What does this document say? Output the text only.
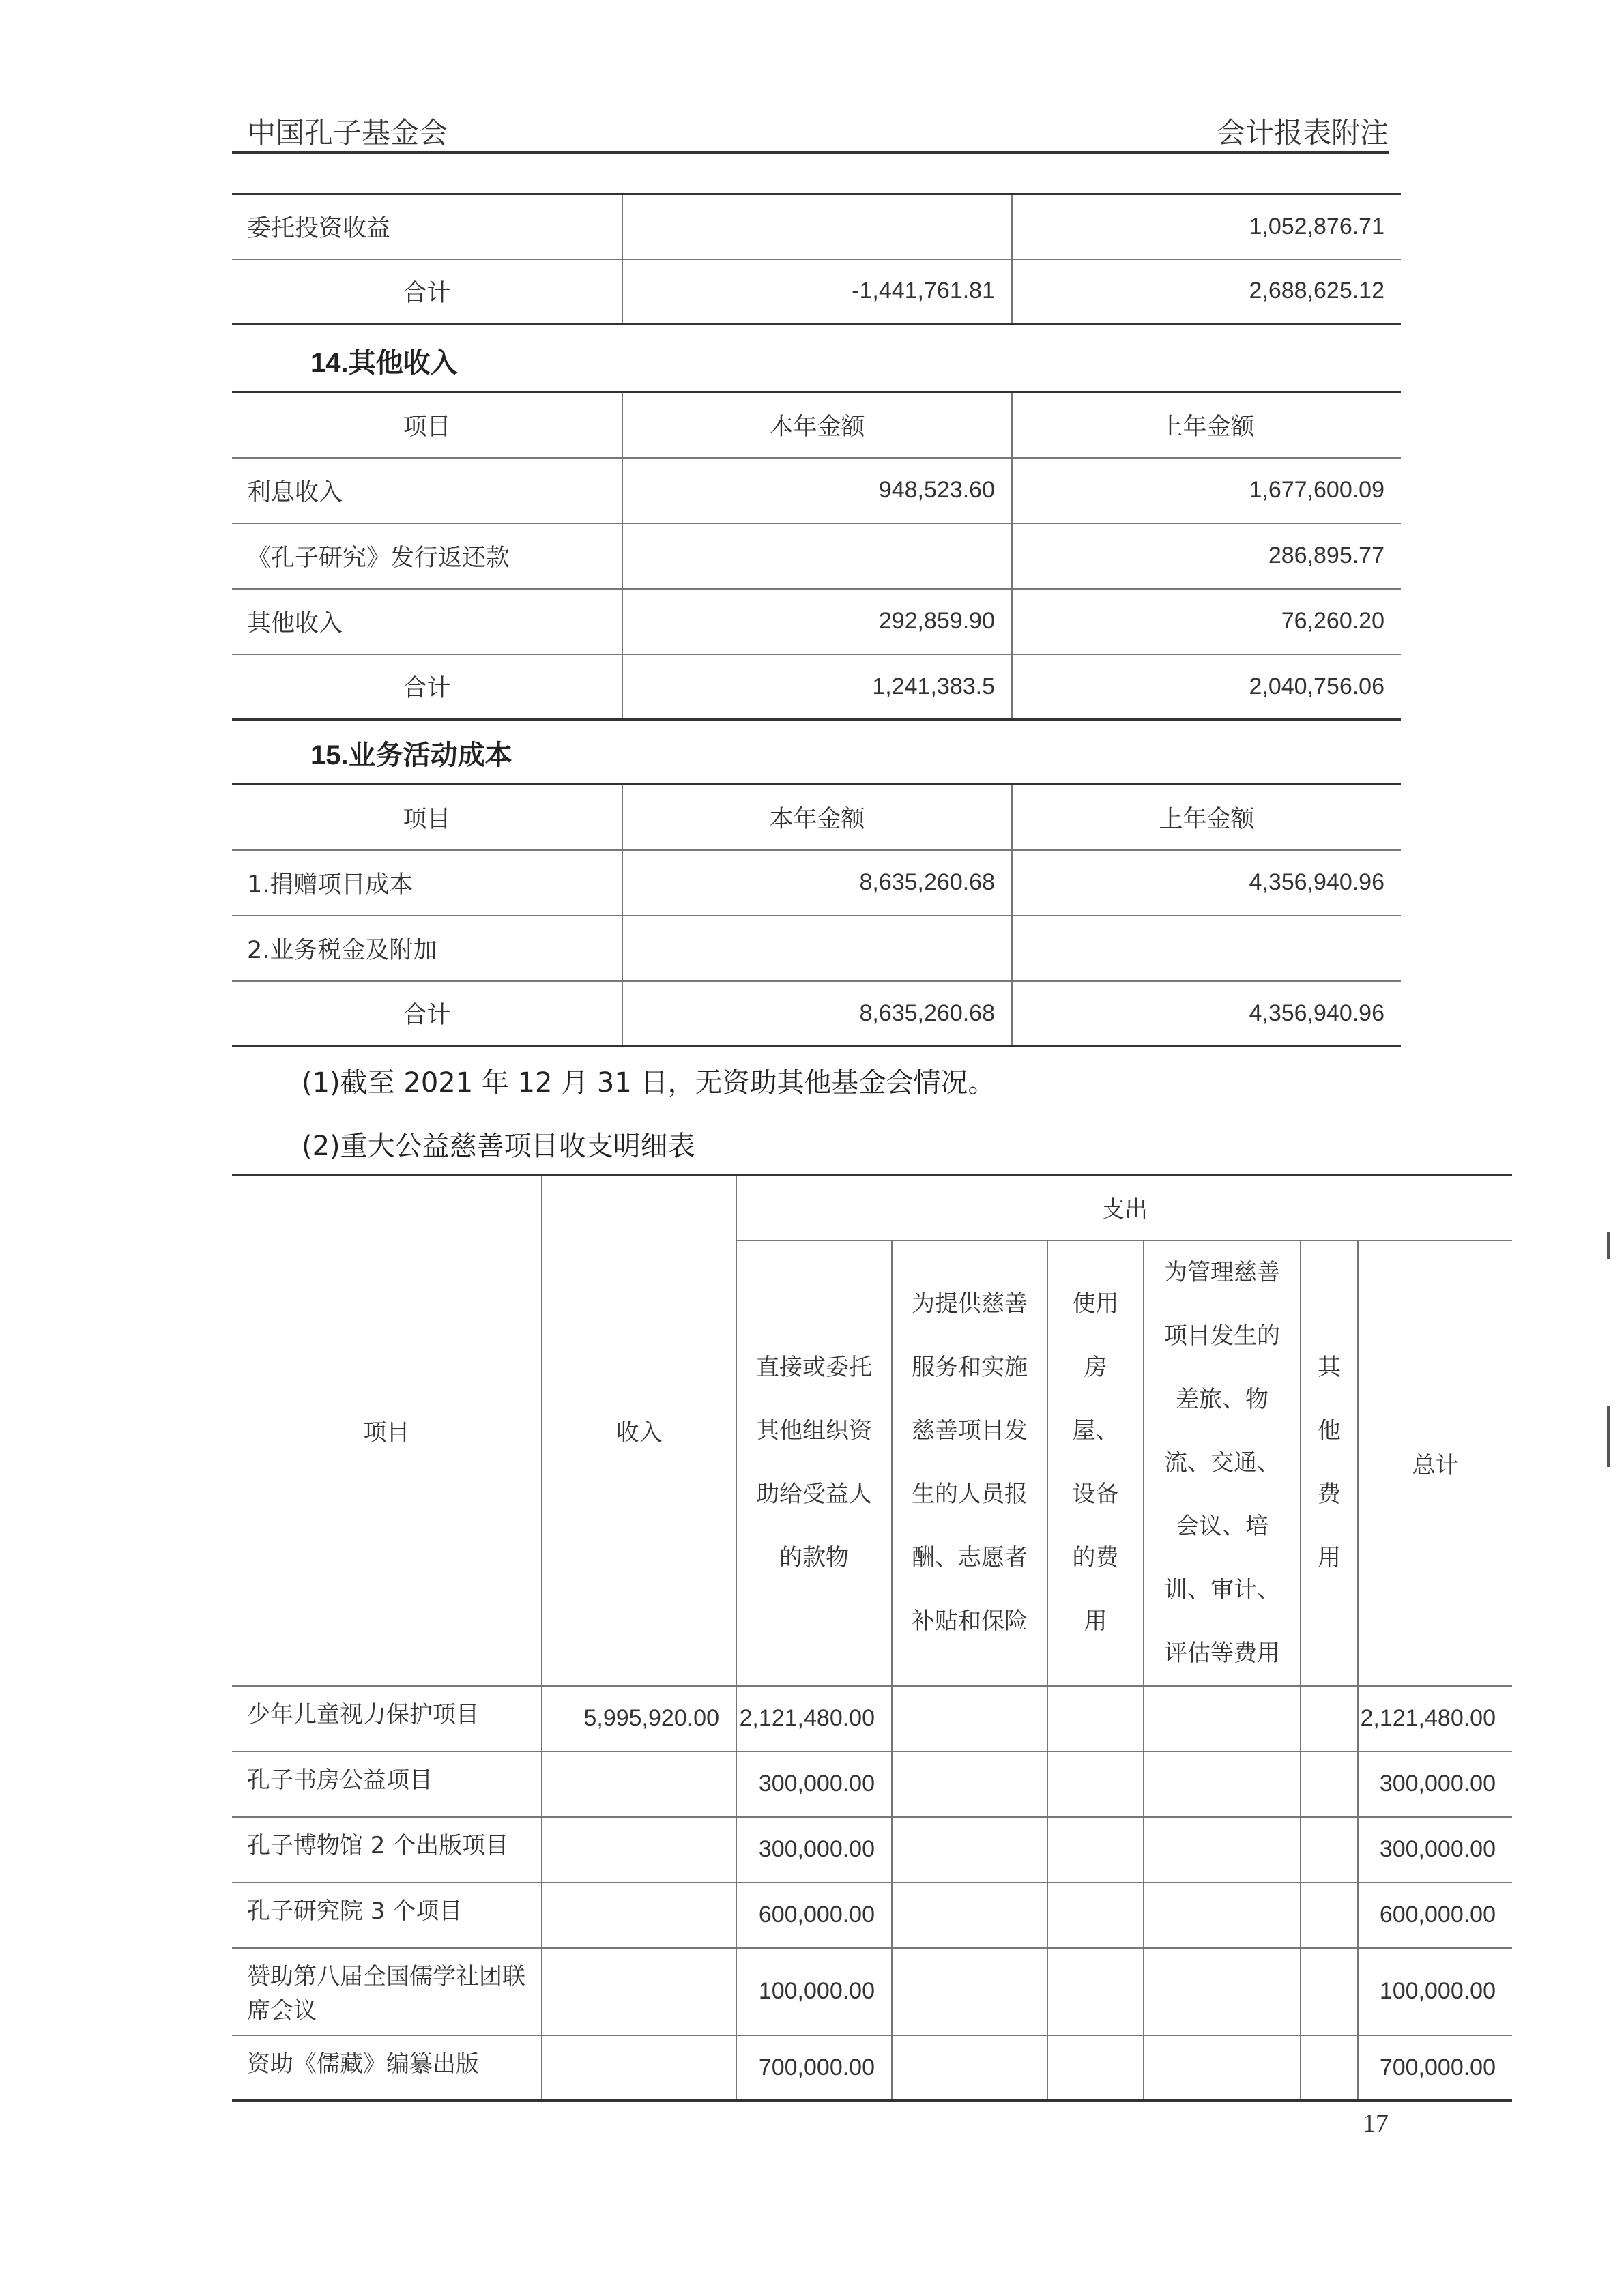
中国孔子基金会	会计报表附注
委托投资收益		1,052,876.71
合计	-1,441,761.81	2,688,625.12
14.其他收入
项目	本年金额	上年金额
利息收入	948,523.60	1,677,600.09
《孔子研究》发行返还款		286,895.77
其他收入	292,859.90	76,260.20
合计	1,241,383.5	2,040,756.06
15.业务活动成本
项目	本年金额	上年金额
1.捐赠项目成本	8,635,260.68	4,356,940.96
2.业务税金及附加		
合计	8,635,260.68	4,356,940.96
(1)截至 2021 年 12 月 31 日，无资助其他基金会情况。
(2)重大公益慈善项目收支明细表
项目	收入	支出					
		直接或委托其他组织资助给受益人的款物	为提供慈善服务和实施慈善项目发生的人员报酬、志愿者补贴和保险	使用房屋、设备的费用	为管理慈善项目发生的差旅、物流、交通、会议、培训、审计、评估等费用	其他费用	总计
少年儿童视力保护项目	5,995,920.00	2,121,480.00					2,121,480.00
孔子书房公益项目		300,000.00					300,000.00
孔子博物馆 2 个出版项目		300,000.00					300,000.00
孔子研究院 3 个项目		600,000.00					600,000.00
赞助第八届全国儒学社团联席会议		100,000.00					100,000.00
资助《儒藏》编纂出版		700,000.00					700,000.00
17
